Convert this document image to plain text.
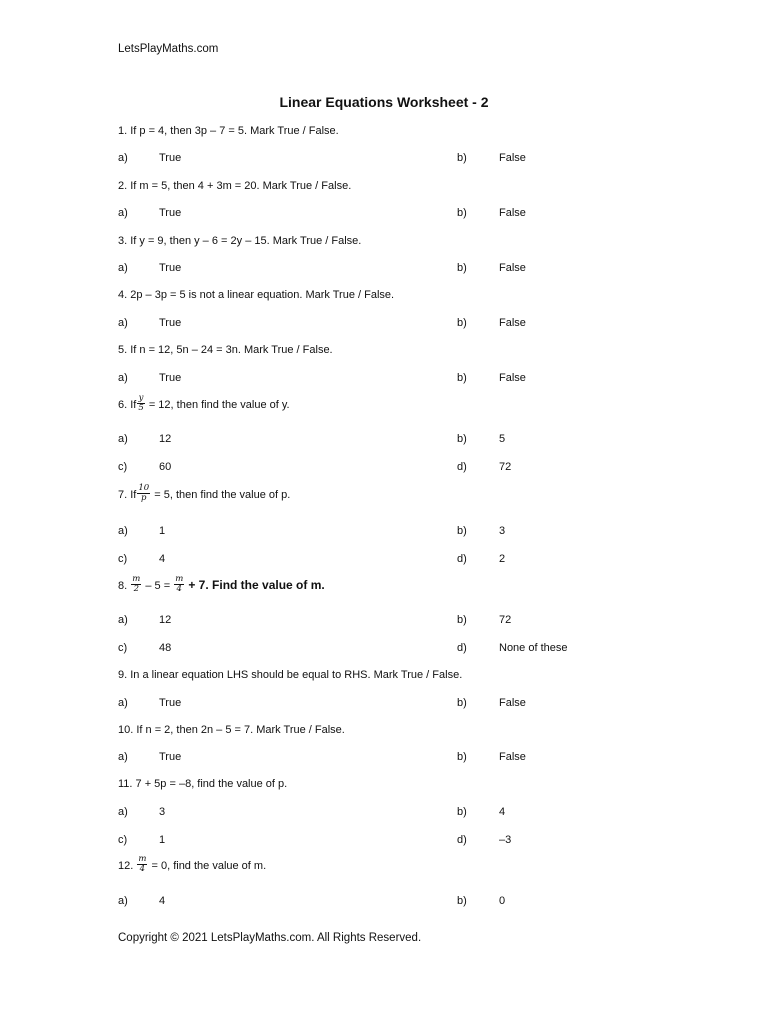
LetsPlayMaths.com
Linear Equations Worksheet - 2
1. If p = 4, then 3p – 7 = 5. Mark True / False.
a)	True	b)	False
2. If m = 5, then 4 + 3m = 20. Mark True / False.
a)	True	b)	False
3. If y = 9, then y – 6 = 2y – 15. Mark True / False.
a)	True	b)	False
4. 2p – 3p = 5 is not a linear equation. Mark True / False.
a)	True	b)	False
5. If n = 12, 5n – 24 = 3n. Mark True / False.
a)	True	b)	False
6. If $\frac{y}{5} = 12$, then find the value of y.
a)	12	b)	5
c)	60	d)	72
7. If $\frac{10}{p} = 5$, then find the value of p.
a)	1	b)	3
c)	4	d)	2
8. $\frac{m}{2} - 5 = \frac{m}{4} + 7$. Find the value of m.
a)	12	b)	72
c)	48	d)	None of these
9. In a linear equation LHS should be equal to RHS. Mark True / False.
a)	True	b)	False
10. If n = 2, then 2n – 5 = 7. Mark True / False.
a)	True	b)	False
11. 7 + 5p = –8, find the value of p.
a)	3	b)	4
c)	1	d)	–3
12. $\frac{m}{4} = 0$, find the value of m.
a)	4	b)	0
Copyright © 2021 LetsPlayMaths.com. All Rights Reserved.
